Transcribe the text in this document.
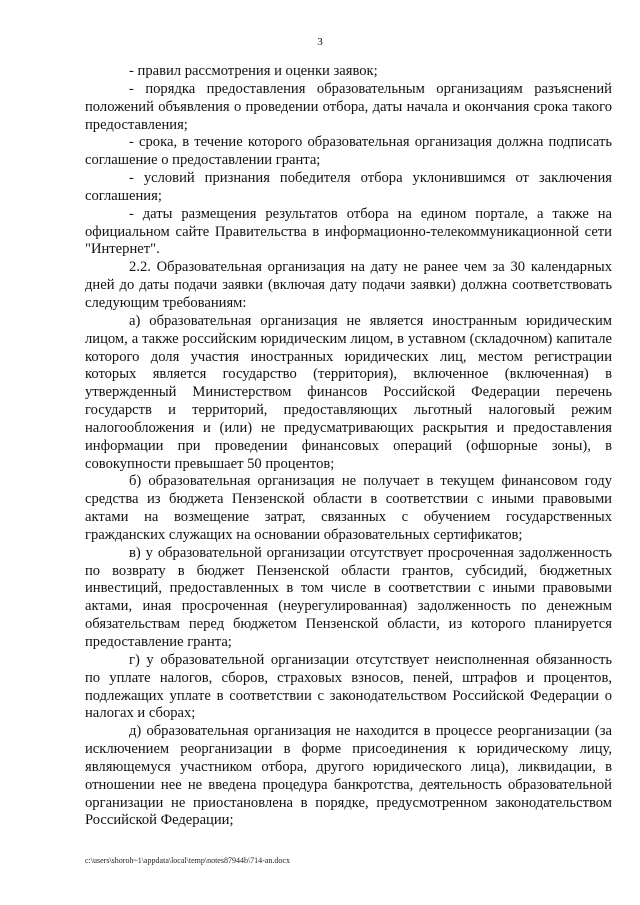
3

- правил рассмотрения и оценки заявок;

- порядка предоставления образовательным организациям разъяснений положений объявления о проведении отбора, даты начала и окончания срока такого предоставления;

- срока, в течение которого образовательная организация должна подписать соглашение о предоставлении гранта;

- условий признания победителя отбора уклонившимся от заключения соглашения;

- даты размещения результатов отбора на едином портале, а также на официальном сайте Правительства в информационно-телекоммуникационной сети "Интернет".

2.2. Образовательная организация на дату не ранее чем за 30 календарных дней до даты подачи заявки (включая дату подачи заявки) должна соответствовать следующим требованиям:

а) образовательная организация не является иностранным юридическим лицом, а также российским юридическим лицом, в уставном (складочном) капитале которого доля участия иностранных юридических лиц, местом регистрации которых является государство (территория), включенное (включенная) в утвержденный Министерством финансов Российской Федерации перечень государств и территорий, предоставляющих льготный налоговый режим налогообложения и (или) не предусматривающих раскрытия и предоставления информации при проведении финансовых операций (офшорные зоны), в совокупности превышает 50 процентов;

б) образовательная организация не получает в текущем финансовом году средства из бюджета Пензенской области в соответствии с иными правовыми актами на возмещение затрат, связанных с обучением государственных гражданских служащих на основании образовательных сертификатов;

в) у образовательной организации отсутствует просроченная задолженность по возврату в бюджет Пензенской области грантов, субсидий, бюджетных инвестиций, предоставленных в том числе в соответствии с иными правовыми актами, иная просроченная (неурегулированная) задолженность по денежным обязательствам перед бюджетом Пензенской области, из которого планируется предоставление гранта;

г) у образовательной организации отсутствует неисполненная обязанность по уплате налогов, сборов, страховых взносов, пеней, штрафов и процентов, подлежащих уплате в соответствии с законодательством Российской Федерации о налогах и сборах;

д) образовательная организация не находится в процессе реорганизации (за исключением реорганизации в форме присоединения к юридическому лицу, являющемуся участником отбора, другого юридического лица), ликвидации, в отношении нее не введена процедура банкротства, деятельность образовательной организации не приостановлена в порядке, предусмотренном законодательством Российской Федерации;

c:\users\shoroh~1\appdata\local\temp\notes87944b\714-an.docx
